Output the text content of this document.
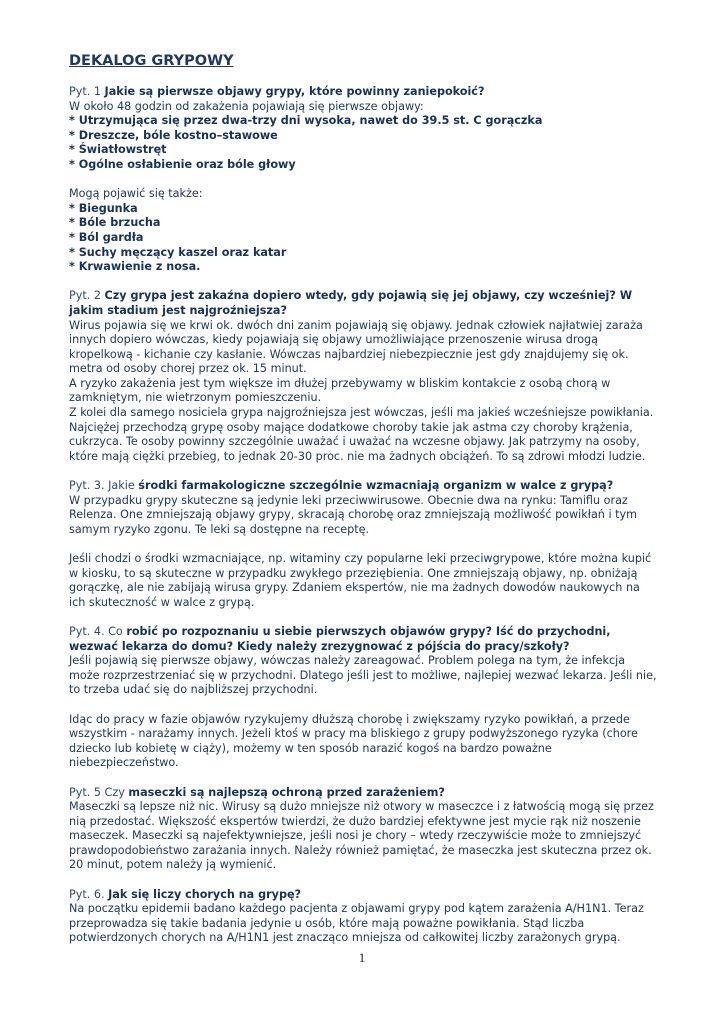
DEKALOG GRYPOWY

Pyt. 1 Jakie są pierwsze objawy grypy, które powinny zaniepokoić?

W około 48 godzin od zakażenia pojawiają się pierwsze objawy:

* Utrzymująca się przez dwa-trzy dni wysoka, nawet do 39.5 st. C gorączka

* Dreszcze, bóle kostno–stawowe

* Światłowstręt

* Ogólne osłabienie oraz bóle głowy

Mogą pojawić się także:

* Biegunka

* Bóle brzucha

* Ból gardła

* Suchy męczący kaszel oraz katar

* Krwawienie z nosa.

Pyt. 2 Czy grypa jest zakaźna dopiero wtedy, gdy pojawią się jej objawy, czy wcześniej? W jakim stadium jest najgroźniejsza?

Wirus pojawia się we krwi ok. dwóch dni zanim pojawiają się objawy. Jednak człowiek najłatwiej zaraża innych dopiero wówczas, kiedy pojawiają się objawy umożliwiające przenoszenie wirusa drogą kropelkową - kichanie czy kasłanie. Wówczas najbardziej niebezpiecznie jest gdy znajdujemy się ok. metra od osoby chorej przez ok. 15 minut.

A ryzyko zakażenia jest tym większe im dłużej przebywamy w bliskim kontakcie z osobą chorą w zamkniętym, nie wietrzonym pomieszczeniu.

Z kolei dla samego nosiciela grypa najgroźniejsza jest wówczas, jeśli ma jakieś wcześniejsze powikłania. Najciężej przechodzą grypę osoby mające dodatkowe choroby takie jak astma czy choroby krążenia, cukrzyca. Te osoby powinny szczególnie uważać i uważać na wczesne objawy. Jak patrzymy na osoby, które mają ciężki przebieg, to jednak 20-30 proc. nie ma żadnych obciążeń. To są zdrowi młodzi ludzie.

Pyt. 3. Jakie środki farmakologiczne szczególnie wzmacniają organizm w walce z grypą?

W przypadku grypy skuteczne są jedynie leki przeciwwirusowe. Obecnie dwa na rynku: Tamiflu oraz Relenza. One zmniejszają objawy grypy, skracają chorobę oraz zmniejszają możliwość powikłań i tym samym ryzyko zgonu. Te leki są dostępne na receptę.

Jeśli chodzi o środki wzmacniające, np. witaminy czy popularne leki przeciwgrypowe, które można kupić w kiosku, to są skuteczne w przypadku zwykłego przeziębienia. One zmniejszają objawy, np. obniżają gorączkę, ale nie zabijają wirusa grypy. Zdaniem ekspertów, nie ma żadnych dowodów naukowych na ich skuteczność w walce z grypą.

Pyt. 4. Co robić po rozpoznaniu u siebie pierwszych objawów grypy? Iść do przychodni, wezwać lekarza do domu? Kiedy należy zrezygnować z pójścia do pracy/szkoły?

Jeśli pojawią się pierwsze objawy, wówczas należy zareagować. Problem polega na tym, że infekcja może rozprzestrzeniać się w przychodni. Dlatego jeśli jest to możliwe, najlepiej wezwać lekarza. Jeśli nie, to trzeba udać się do najbliższej przychodni.

Idąc do pracy w fazie objawów ryzykujemy dłuższą chorobę i zwiększamy ryzyko powikłań, a przede wszystkim - narażamy innych. Jeżeli ktoś w pracy ma bliskiego z grupy podwyższonego ryzyka (chore dziecko lub kobietę w ciąży), możemy w ten sposób narazić kogoś na bardzo poważne niebezpieczeństwo.

Pyt. 5 Czy maseczki są najlepszą ochroną przed zarażeniem?

Maseczki są lepsze niż nic. Wirusy są dużo mniejsze niż otwory w maseczce i z łatwością mogą się przez nią przedostać. Większość ekspertów twierdzi, że dużo bardziej efektywne jest mycie rąk niż noszenie maseczek. Maseczki są najefektywniejsze, jeśli nosi je chory – wtedy rzeczywiście może to zmniejszyć prawdopodobieństwo zarażania innych. Należy również pamiętać, że maseczka jest skuteczna przez ok. 20 minut, potem należy ją wymienić.

Pyt. 6. Jak się liczy chorych na grypę?

Na początku epidemii badano każdego pacjenta z objawami grypy pod kątem zarażenia A/H1N1. Teraz przeprowadza się takie badania jedynie u osób, które mają poważne powikłania. Stąd liczba potwierdzonych chorych na A/H1N1 jest znacząco mniejsza od całkowitej liczby zarażonych grypą.

1
